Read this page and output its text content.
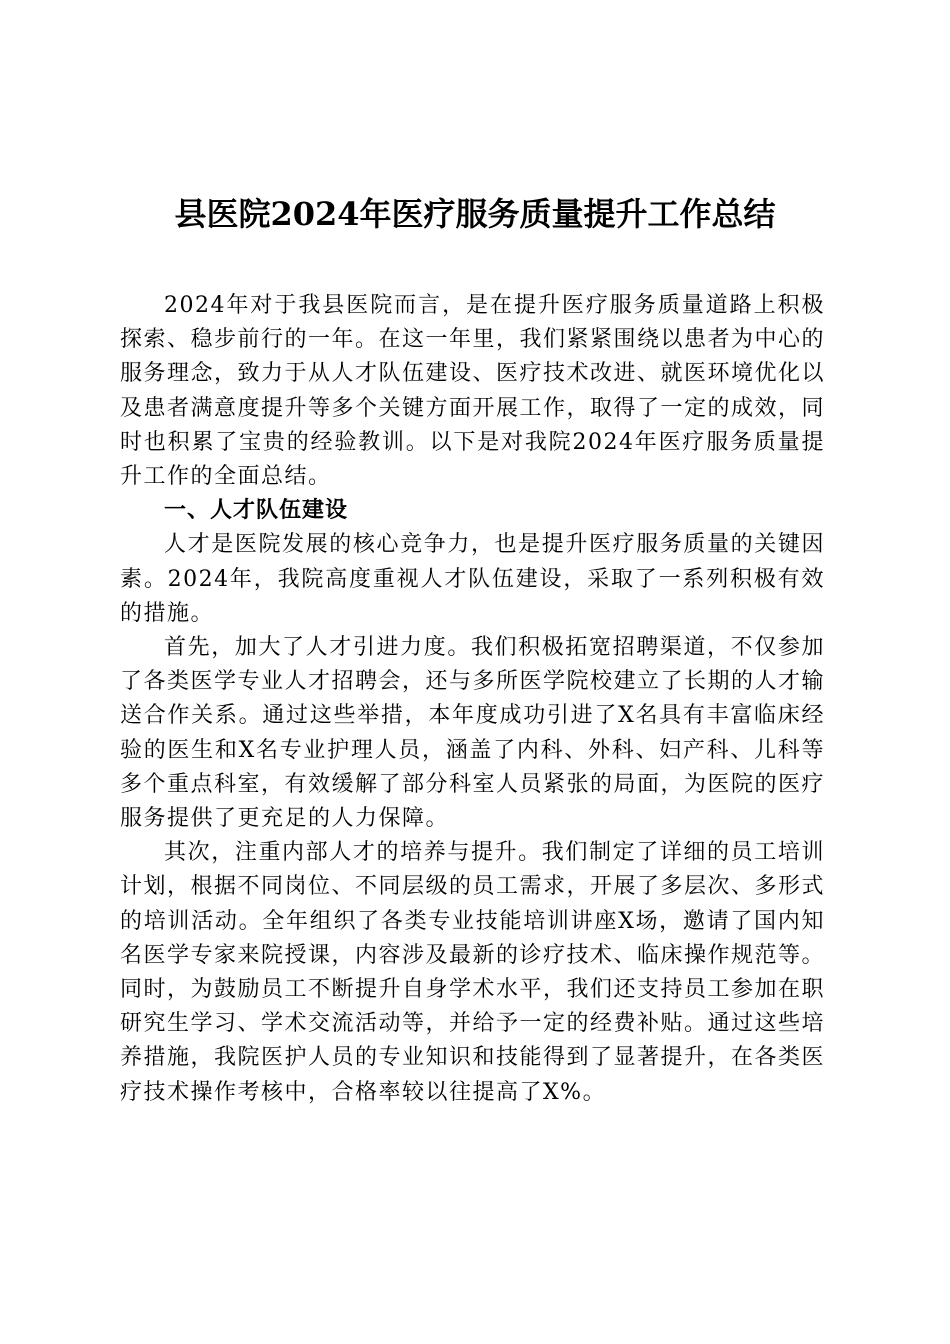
县医院2024年医疗服务质量提升工作总结

2024年对于我县医院而言，是在提升医疗服务质量道路上积极探索、稳步前行的一年。在这一年里，我们紧紧围绕以患者为中心的服务理念，致力于从人才队伍建设、医疗技术改进、就医环境优化以及患者满意度提升等多个关键方面开展工作，取得了一定的成效，同时也积累了宝贵的经验教训。以下是对我院2024年医疗服务质量提升工作的全面总结。

一、人才队伍建设

人才是医院发展的核心竞争力，也是提升医疗服务质量的关键因素。2024年，我院高度重视人才队伍建设，采取了一系列积极有效的措施。

首先，加大了人才引进力度。我们积极拓宽招聘渠道，不仅参加了各类医学专业人才招聘会，还与多所医学院校建立了长期的人才输送合作关系。通过这些举措，本年度成功引进了X名具有丰富临床经验的医生和X名专业护理人员，涵盖了内科、外科、妇产科、儿科等多个重点科室，有效缓解了部分科室人员紧张的局面，为医院的医疗服务提供了更充足的人力保障。

其次，注重内部人才的培养与提升。我们制定了详细的员工培训计划，根据不同岗位、不同层级的员工需求，开展了多层次、多形式的培训活动。全年组织了各类专业技能培训讲座X场，邀请了国内知名医学专家来院授课，内容涉及最新的诊疗技术、临床操作规范等。同时，为鼓励员工不断提升自身学术水平，我们还支持员工参加在职研究生学习、学术交流活动等，并给予一定的经费补贴。通过这些培养措施，我院医护人员的专业知识和技能得到了显著提升，在各类医疗技术操作考核中，合格率较以往提高了X%。
